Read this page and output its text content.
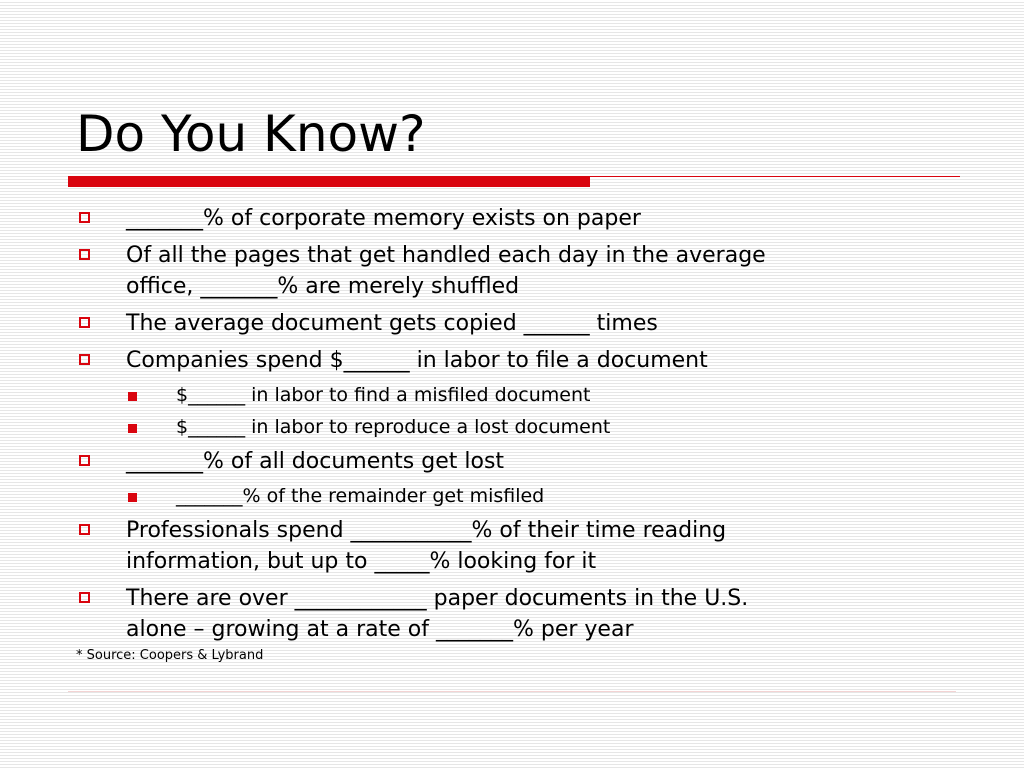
Do You Know?
_______% of corporate memory exists on paper
Of all the pages that get handled each day in the average
office, _______% are merely shuffled
The average document gets copied ______ times
Companies spend $______ in labor to file a document
$______ in labor to find a misfiled document
$______ in labor to reproduce a lost document
_______% of all documents get lost
_______% of the remainder get misfiled
Professionals spend ___________% of their time reading
information, but up to _____% looking for it
There are over ____________ paper documents in the U.S.
alone – growing at a rate of _______% per year
* Source: Coopers & Lybrand
